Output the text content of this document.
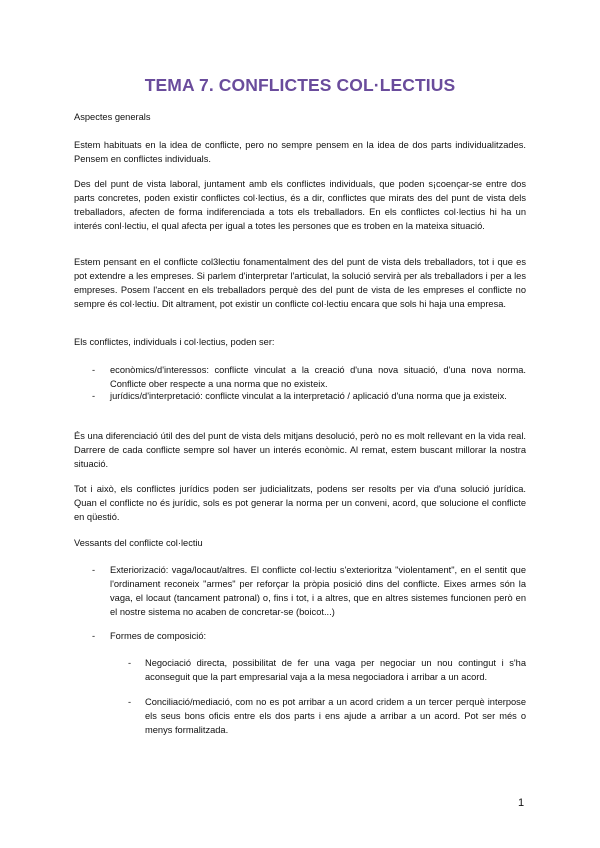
TEMA 7. CONFLICTES COL·LECTIUS
Aspectes generals

Estem habituats en la idea de conflicte, pero no sempre pensem en la idea de dos parts individualitzades. Pensem en conflictes individuals.

Des del punt de vista laboral, juntament amb els conflictes individuals, que poden s¡coençar-se entre dos parts concretes, poden existir conflictes col·lectius, és a dir, conflictes que mirats des del punt de vista dels treballadors, afecten de forma indiferenciada a tots els treballadors. En els conflictes col·lectius hi ha un interés conl·lectiu, el qual afecta per igual a totes les persones que es troben en la mateixa situació.

Estem pensant en el conflicte col3lectiu fonamentalment des del punt de vista dels treballadors, tot i que es pot extendre a les empreses. Si parlem d'interpretar l'articulat, la solució servirà per als treballadors i per a les empreses. Posem l'accent en els treballadors perquè des del punt de vista de les empreses el conflicte no sempre és col·lectiu. Dit altrament, pot existir un conflicte col·lectiu encara que sols hi haja una empresa.

Els conflictes, individuals i col·lectius, poden ser:

- econòmics/d'interessos: conflicte vinculat a la creació d'una nova situació, d'una nova norma. Conflicte ober respecte a una norma que no existeix.

- jurídics/d'interpretació: conflicte vinculat a la interpretació / aplicació d'una norma que ja existeix.

És una diferenciació útil des del punt de vista dels mitjans desolució, però no es molt rellevant en la vida real. Darrere de cada conflicte sempre sol haver un interés econòmic. Al remat, estem buscant millorar la nostra situació.

Tot i això, els conflictes jurídics poden ser judicialitzats, podens ser resolts per via d'una solució jurídica. Quan el conflicte no és jurídic, sols es pot generar la norma per un conveni, acord, que solucione el conflicte en qüestió.

Vessants del conflicte col·lectiu
- Exteriorizació: vaga/locaut/altres. El conflicte col·lectiu s'exterioritza "violentament", en el sentit que l'ordinament reconeix "armes" per reforçar la pròpia posició dins del conflicte. Eixes armes són la vaga, el locaut (tancament patronal) o, fins i tot, i a altres, que en altres sistemes funcionen però en el nostre sistema no acaben de concretar-se (boicot...)

- Formes de composició:

- Negociació directa, possibilitat de fer una vaga per negociar un nou contingut i s'ha aconseguit que la part empresarial vaja a la mesa negociadora i arribar a un acord.

- Conciliació/mediació, com no es pot arribar a un acord cridem a un tercer perquè interpose els seus bons oficis entre els dos parts i ens ajude a arribar a un acord. Pot ser més o menys formalitzada.

1
